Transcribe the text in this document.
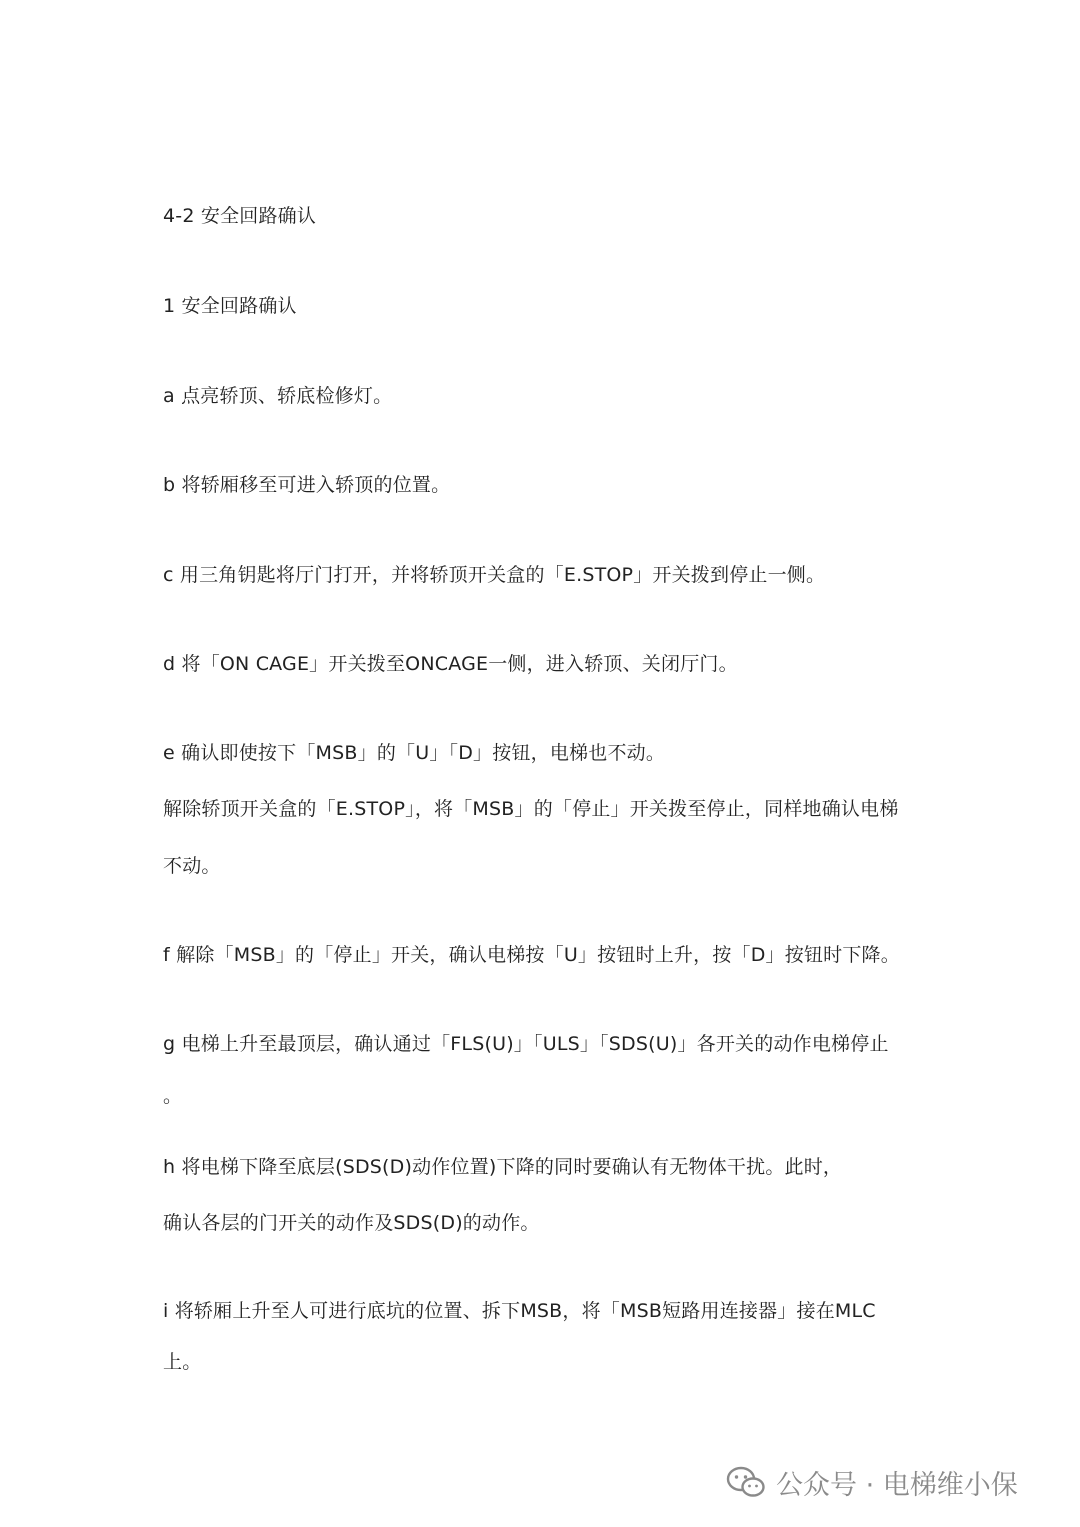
4-2 安全回路确认
1 安全回路确认
a 点亮轿顶、轿底检修灯。
b 将轿厢移至可进入轿顶的位置。
c 用三角钥匙将厅门打开，并将轿顶开关盒的「E.STOP」开关拨到停止一侧。
d 将「ON CAGE」开关拨至ONCAGE一侧，进入轿顶、关闭厅门。
e 确认即使按下「MSB」的「U」「D」按钮，电梯也不动。
解除轿顶开关盒的「E.STOP」，将「MSB」的「停止」开关拨至停止，同样地确认电梯
不动。
f 解除「MSB」的「停止」开关，确认电梯按「U」按钮时上升，按「D」按钮时下降。
g 电梯上升至最顶层，确认通过「FLS(U)」「ULS」「SDS(U)」各开关的动作电梯停止
。
h 将电梯下降至底层(SDS(D)动作位置)下降的同时要确认有无物体干扰。此时，
确认各层的门开关的动作及SDS(D)的动作。
i 将轿厢上升至人可进行底坑的位置、拆下MSB，将「MSB短路用连接器」接在MLC
上。
公众号 · 电梯维小保
